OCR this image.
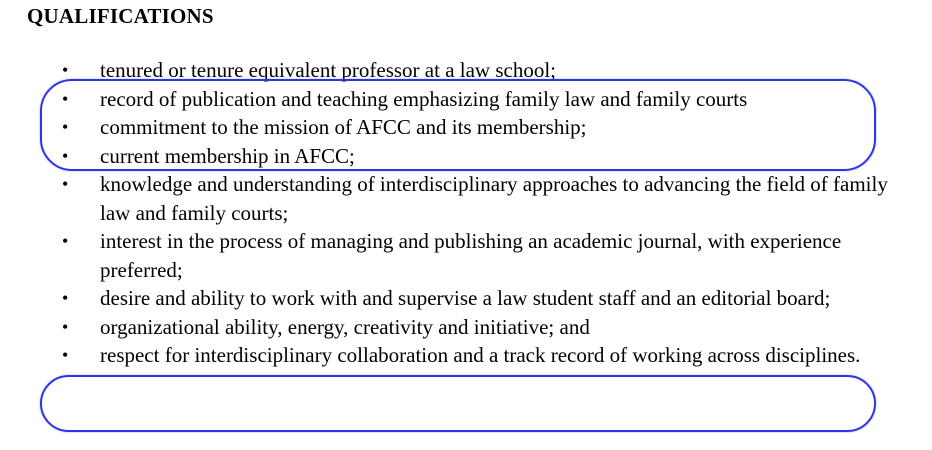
QUALIFICATIONS
• tenured or tenure equivalent professor at a law school;
• record of publication and teaching emphasizing family law and family courts
• commitment to the mission of AFCC and its membership;
• current membership in AFCC;
• knowledge and understanding of interdisciplinary approaches to advancing the field of family law and family courts;
• interest in the process of managing and publishing an academic journal, with experience preferred;
• desire and ability to work with and supervise a law student staff and an editorial board;
• organizational ability, energy, creativity and initiative; and
• respect for interdisciplinary collaboration and a track record of working across disciplines.
